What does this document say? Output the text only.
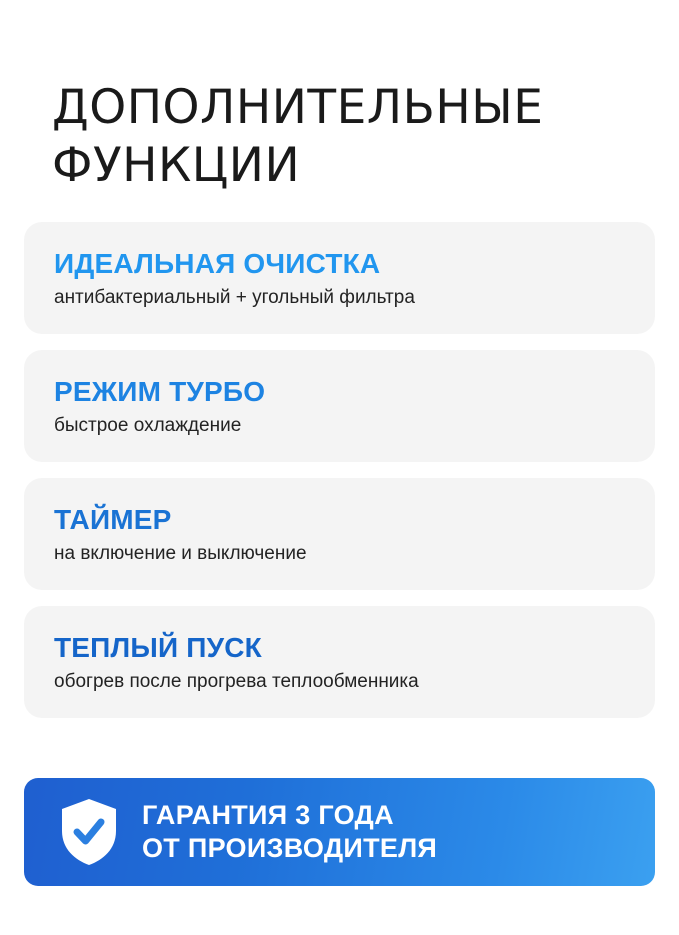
ДОПОЛНИТЕЛЬНЫЕ ФУНКЦИИ
ИДЕАЛЬНАЯ ОЧИСТКА
антибактериальный + угольный фильтра
РЕЖИМ ТУРБО
быстрое охлаждение
ТАЙМЕР
на включение и выключение
ТЕПЛЫЙ ПУСК
обогрев после прогрева теплообменника
ГАРАНТИЯ 3 ГОДА
ОТ ПРОИЗВОДИТЕЛЯ
